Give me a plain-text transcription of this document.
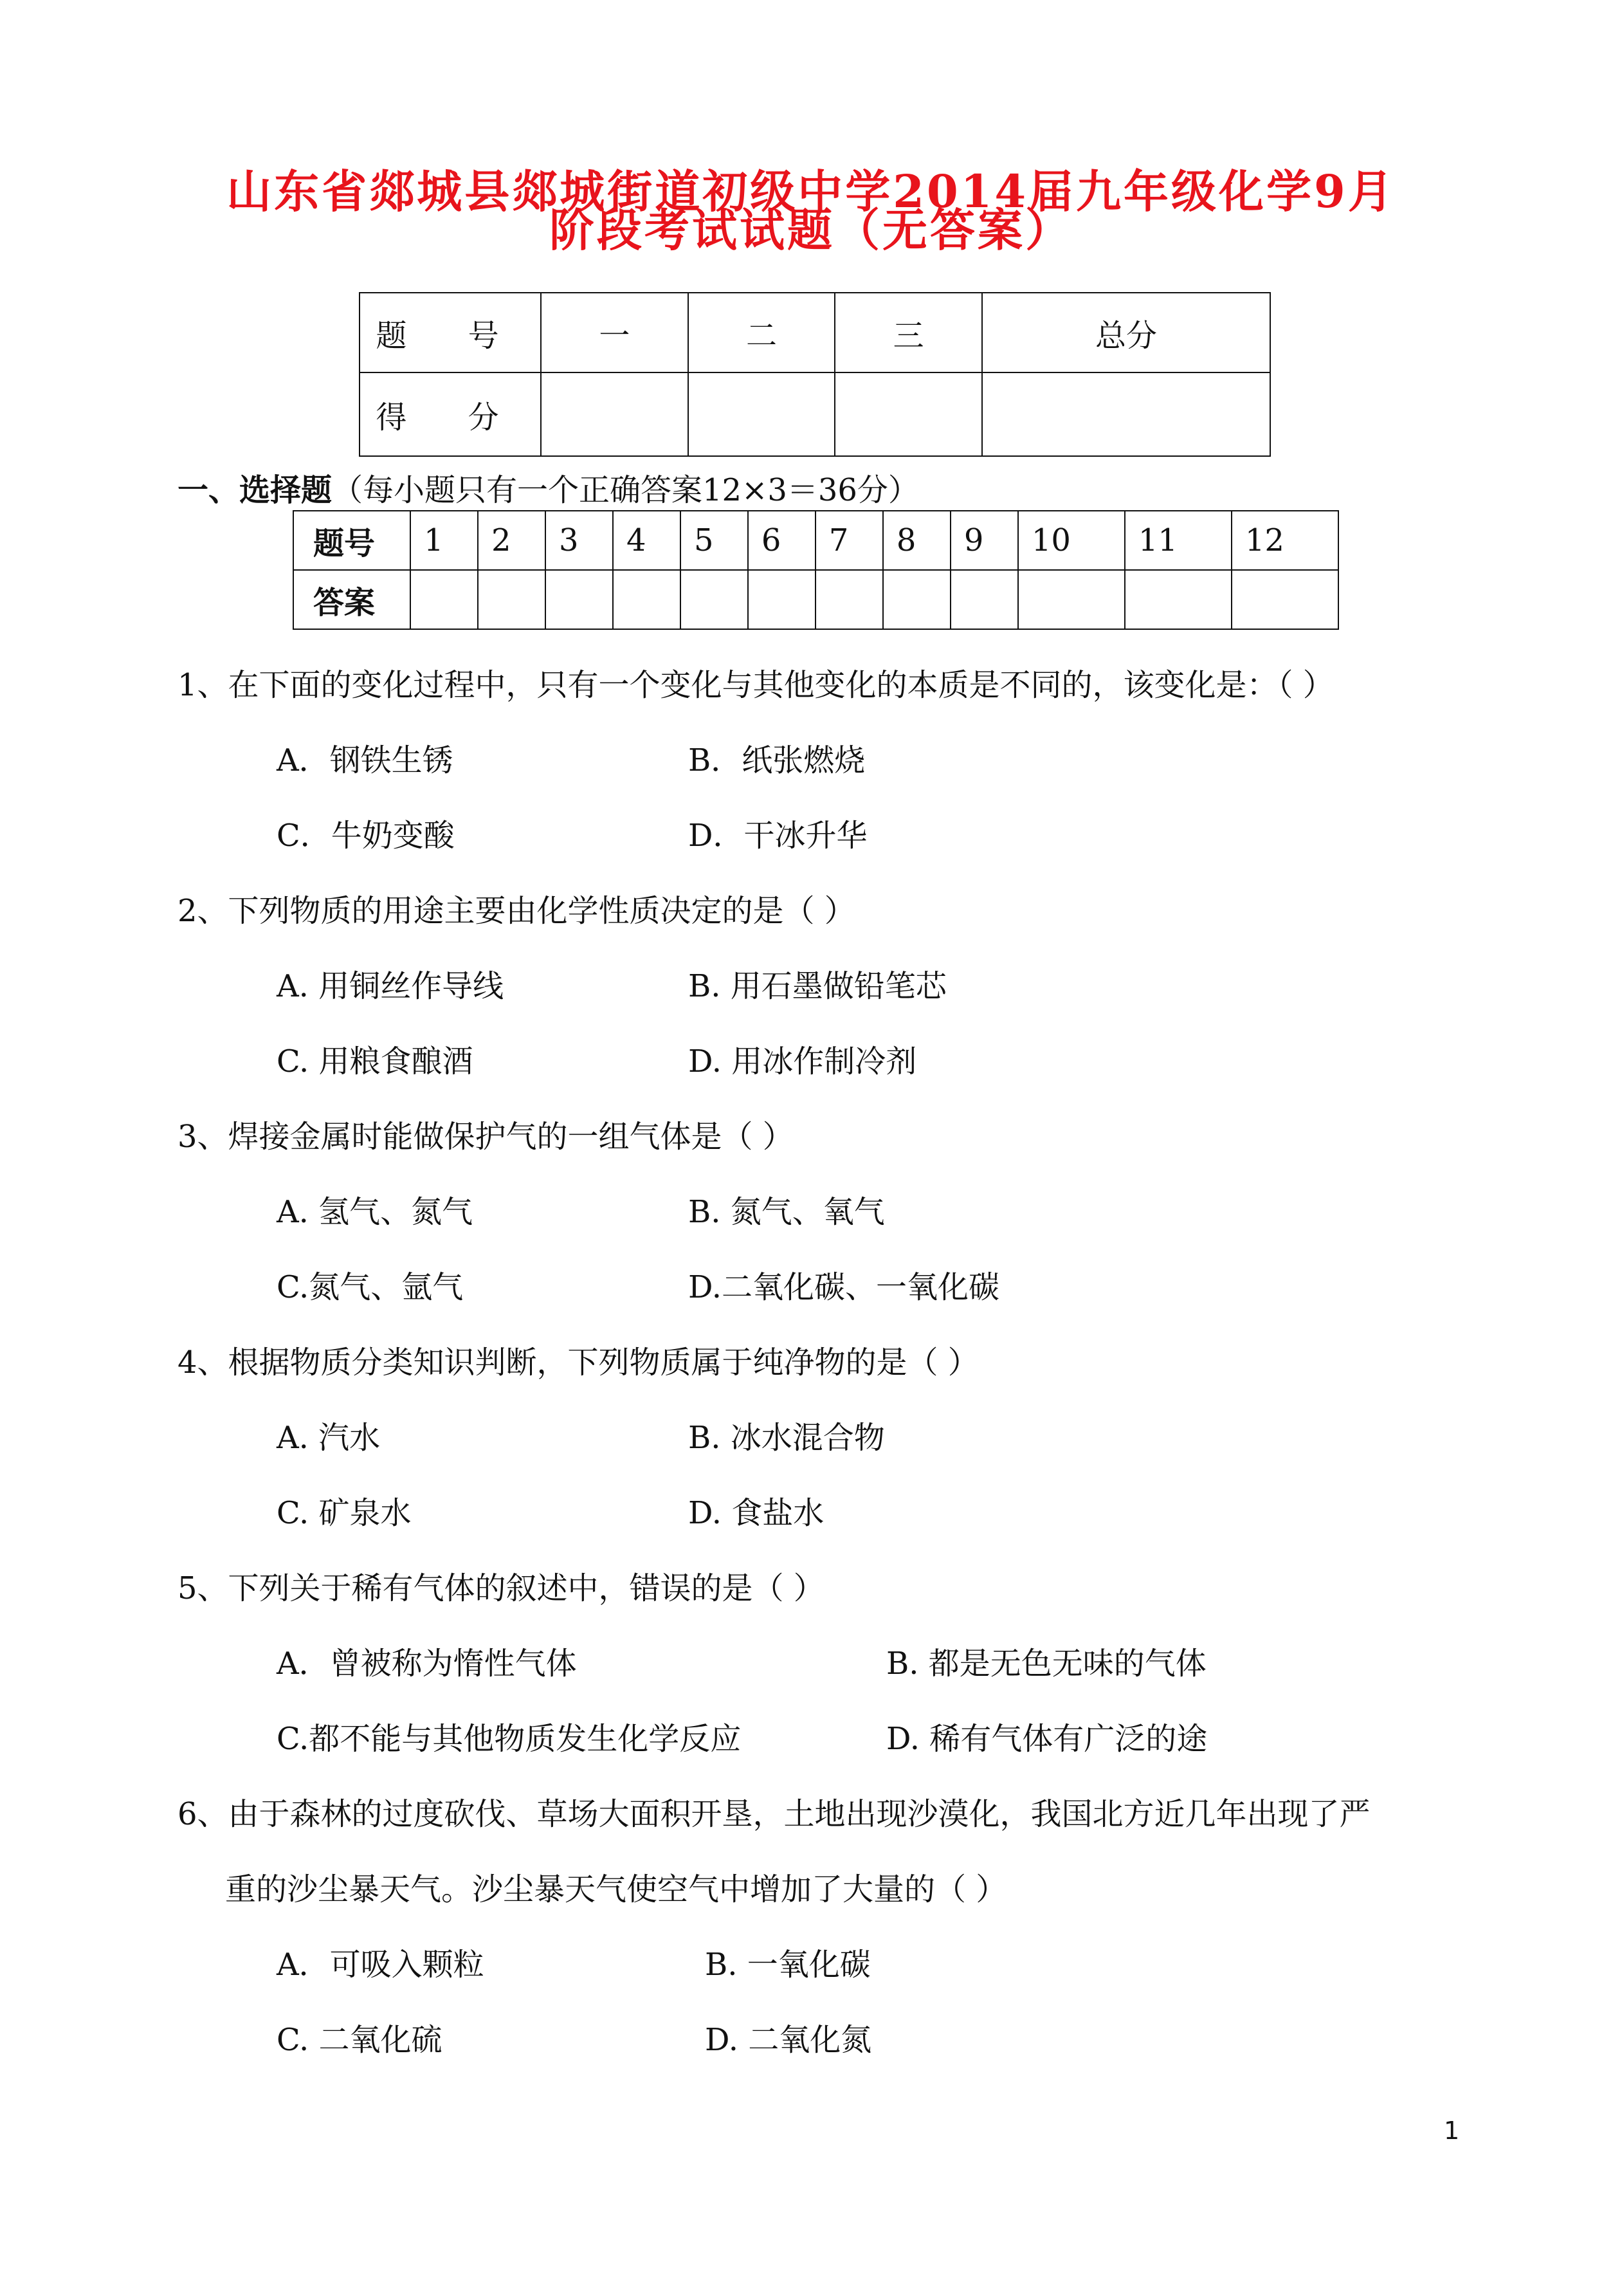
山东省郯城县郯城街道初级中学2014届九年级化学9月
阶段考试试题（无答案）
题 号	一	二	三	总分
得 分				

一、选择题（每小题只有一个正确答案12×3＝36分）

题号	1	2	3	4	5	6	7	8	9	10	11	12
答案												

1、在下面的变化过程中，只有一个变化与其他变化的本质是不同的，该变化是：（ ）

A．钢铁生锈	B．纸张燃烧

C．牛奶变酸	D．干冰升华

2、下列物质的用途主要由化学性质决定的是（ ）

A. 用铜丝作导线	B. 用石墨做铅笔芯

C. 用粮食酿酒	D. 用冰作制冷剂

3、焊接金属时能做保护气的一组气体是（ ）

A. 氢气、氮气	B. 氮气、氧气

C.氮气、氩气	D.二氧化碳、一氧化碳

4、根据物质分类知识判断，下列物质属于纯净物的是（ ）

A. 汽水	B. 冰水混合物

C. 矿泉水	D. 食盐水

5、下列关于稀有气体的叙述中，错误的是（ ）

A．曾被称为惰性气体	B. 都是无色无味的气体

C.都不能与其他物质发生化学反应	D. 稀有气体有广泛的途

6、由于森林的过度砍伐、草场大面积开垦，土地出现沙漠化，我国北方近几年出现了严

重的沙尘暴天气。沙尘暴天气使空气中增加了大量的（ ）

A．可吸入颗粒	B. 一氧化碳

C. 二氧化硫	D. 二氧化氮

1
